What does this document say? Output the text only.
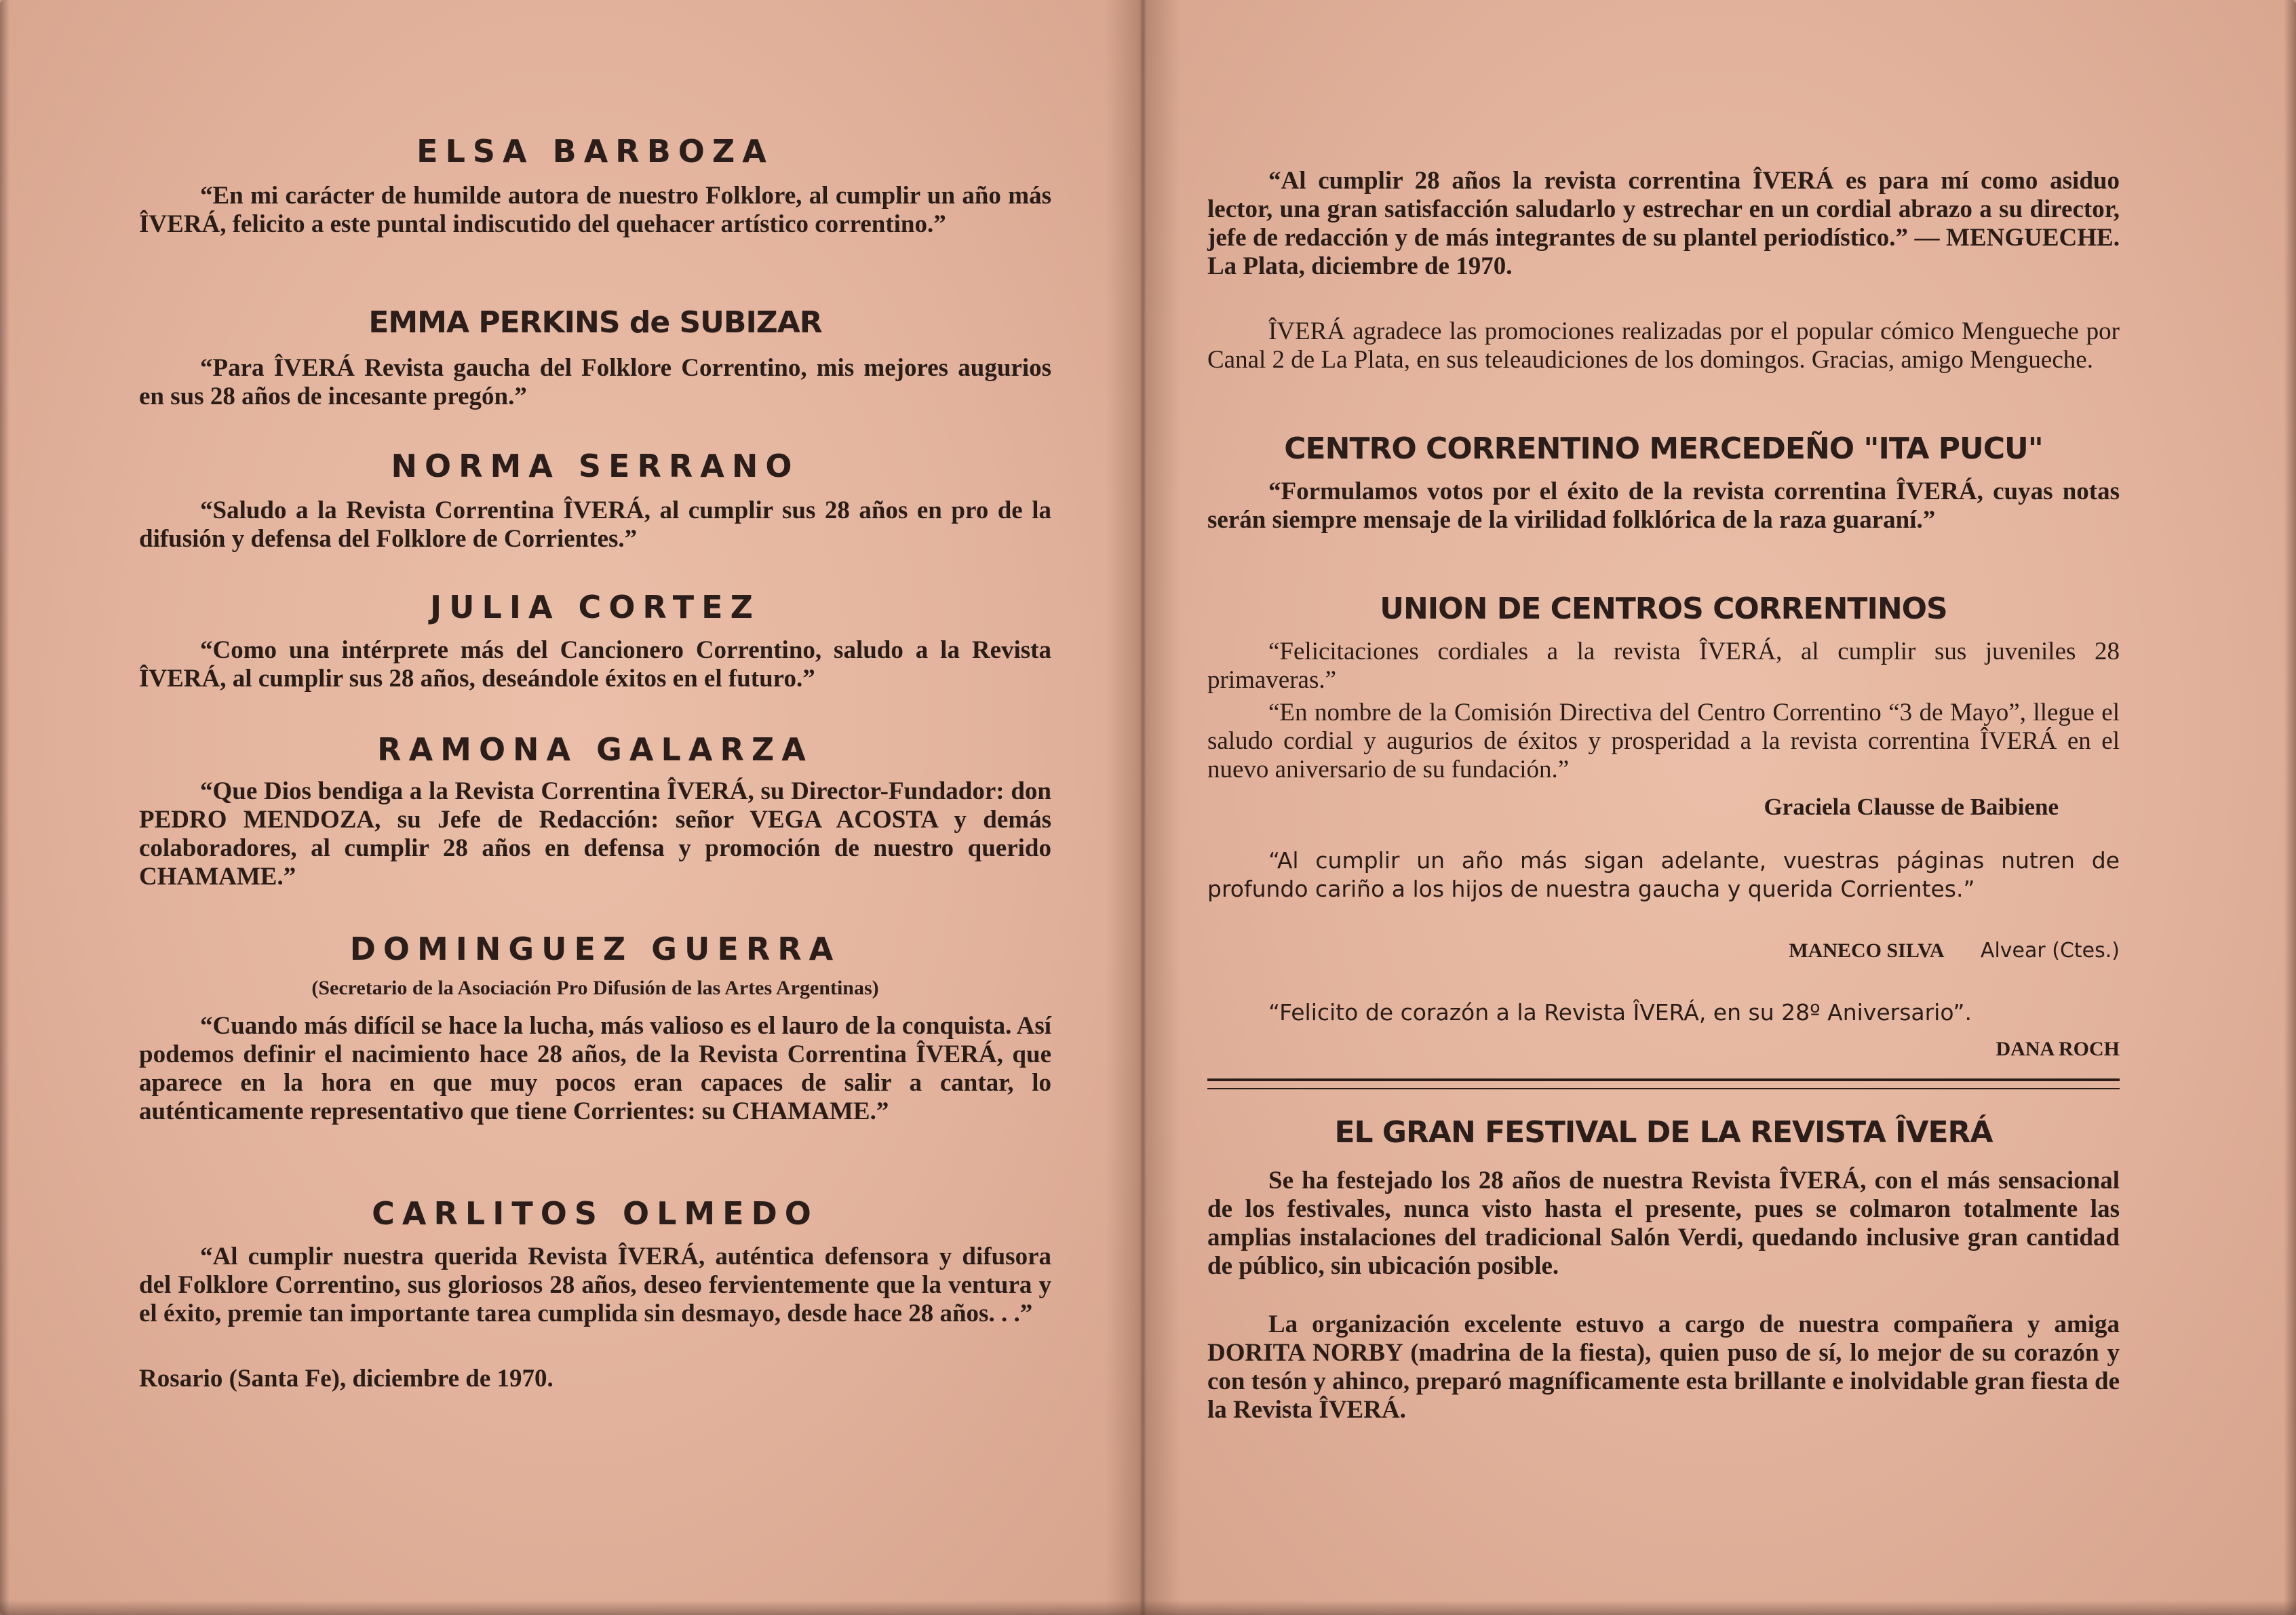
ELSA BARBOZA

“En mi carácter de humilde autora de nuestro Folklore, al cumplir un año más ÎVERÁ, felicito a este puntal indiscutido del quehacer artístico correntino.”

EMMA PERKINS de SUBIZAR

“Para ÎVERÁ Revista gaucha del Folklore Correntino, mis mejores augurios en sus 28 años de incesante pregón.”

NORMA SERRANO

“Saludo a la Revista Correntina ÎVERÁ, al cumplir sus 28 años en pro de la difusión y defensa del Folklore de Corrientes.”

JULIA CORTEZ

“Como una intérprete más del Cancionero Correntino, saludo a la Revista ÎVERÁ, al cumplir sus 28 años, deseándole éxitos en el futuro.”

RAMONA GALARZA

“Que Dios bendiga a la Revista Correntina ÎVERÁ, su Director-Fundador: don PEDRO MENDOZA, su Jefe de Redacción: señor VEGA ACOSTA y demás colaboradores, al cumplir 28 años en defensa y promoción de nuestro querido CHAMAME.”

DOMINGUEZ GUERRA
(Secretario de la Asociación Pro Difusión de las Artes Argentinas)

“Cuando más difícil se hace la lucha, más valioso es el lauro de la conquista. Así podemos definir el nacimiento hace 28 años, de la Revista Correntina ÎVERÁ, que aparece en la hora en que muy pocos eran capaces de salir a cantar, lo auténticamente representativo que tiene Corrientes: su CHAMAME.”

CARLITOS OLMEDO

“Al cumplir nuestra querida Revista ÎVERÁ, auténtica defensora y difusora del Folklore Correntino, sus gloriosos 28 años, deseo fervientemente que la ventura y el éxito, premie tan importante tarea cumplida sin desmayo, desde hace 28 años. . .”

Rosario (Santa Fe), diciembre de 1970.

“Al cumplir 28 años la revista correntina ÎVERÁ es para mí como asiduo lector, una gran satisfacción saludarlo y estrechar en un cordial abrazo a su director, jefe de redacción y de más integrantes de su plantel periodístico.” — MENGUECHE. La Plata, diciembre de 1970.

ÎVERÁ agradece las promociones realizadas por el popular cómico Mengueche por Canal 2 de La Plata, en sus teleaudiciones de los domingos. Gracias, amigo Mengueche.

CENTRO CORRENTINO MERCEDEÑO "ITA PUCU"

“Formulamos votos por el éxito de la revista correntina ÎVERÁ, cuyas notas serán siempre mensaje de la virilidad folklórica de la raza guaraní.”

UNION DE CENTROS CORRENTINOS

“Felicitaciones cordiales a la revista ÎVERÁ, al cumplir sus juveniles 28 primaveras.”

“En nombre de la Comisión Directiva del Centro Correntino “3 de Mayo”, llegue el saludo cordial y augurios de éxitos y prosperidad a la revista correntina ÎVERÁ en el nuevo aniversario de su fundación.”

Graciela Clausse de Baibiene

“Al cumplir un año más sigan adelante, vuestras páginas nutren de profundo cariño a los hijos de nuestra gaucha y querida Corrientes.”

MANECO SILVA Alvear (Ctes.)

“Felicito de corazón a la Revista ÎVERÁ, en su 28º Aniversario”.

DANA ROCH
EL GRAN FESTIVAL DE LA REVISTA ÎVERÁ

Se ha festejado los 28 años de nuestra Revista ÎVERÁ, con el más sensacional de los festivales, nunca visto hasta el presente, pues se colmaron totalmente las amplias instalaciones del tradicional Salón Verdi, quedando inclusive gran cantidad de público, sin ubicación posible.

La organización excelente estuvo a cargo de nuestra compañera y amiga DORITA NORBY (madrina de la fiesta), quien puso de sí, lo mejor de su corazón y con tesón y ahinco, preparó magníficamente esta brillante e inolvidable gran fiesta de la Revista ÎVERÁ.
